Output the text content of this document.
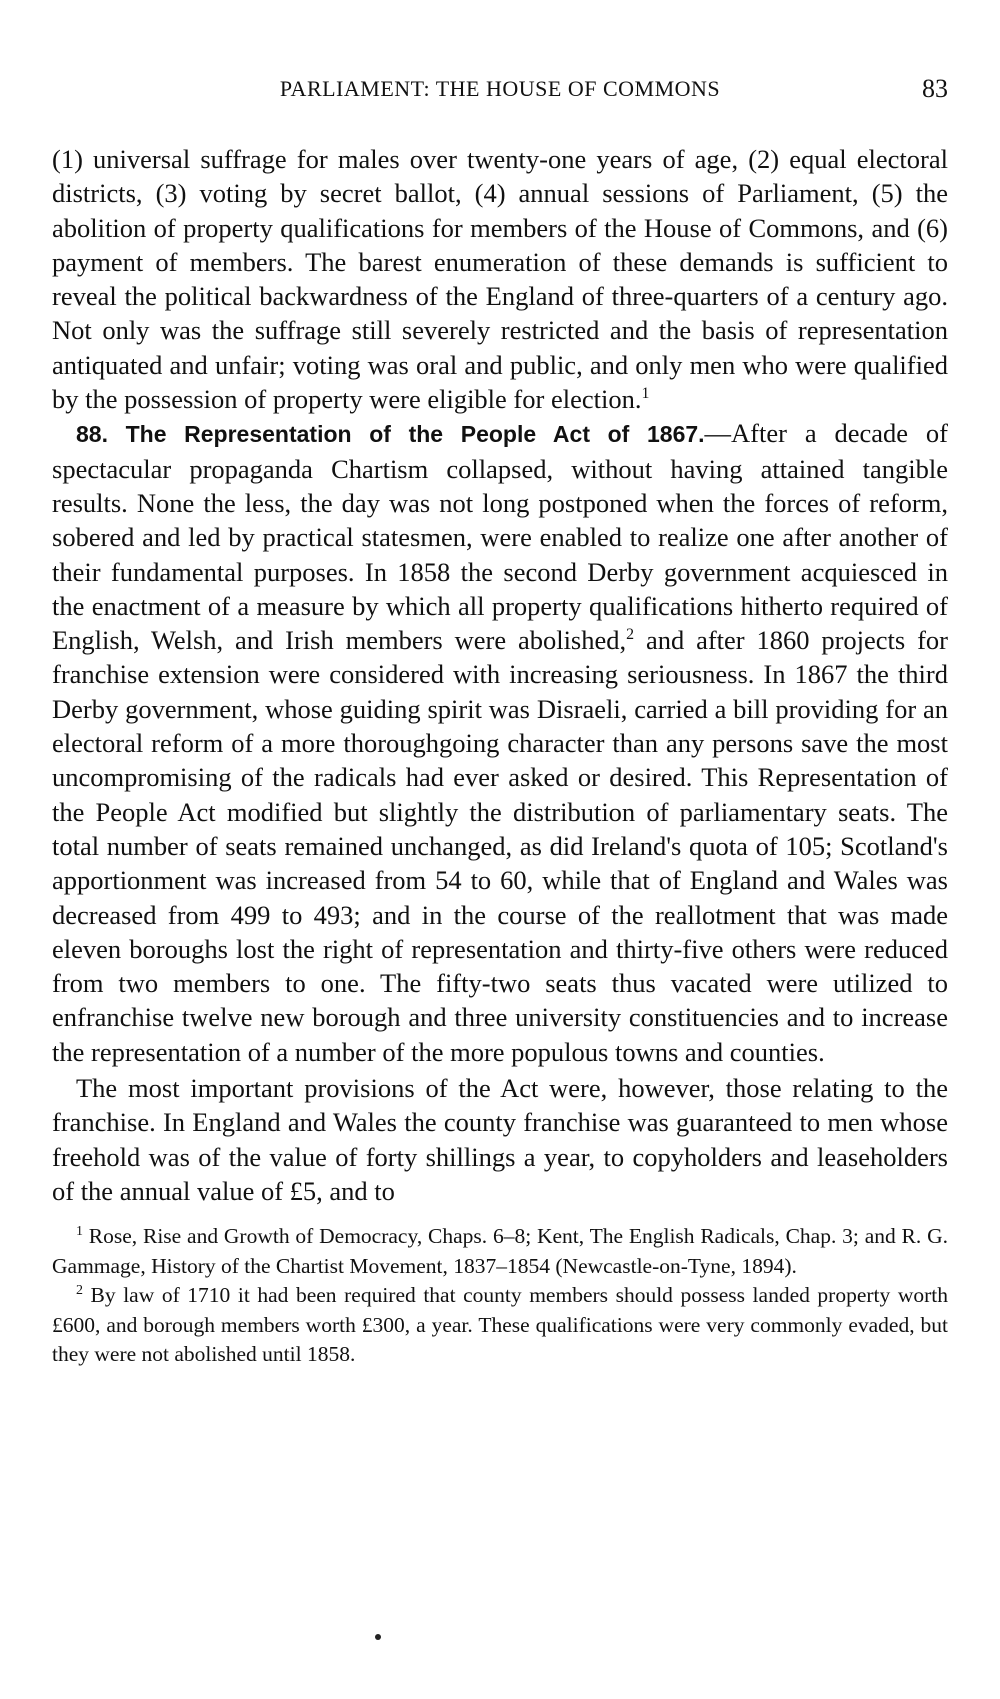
PARLIAMENT: THE HOUSE OF COMMONS	83

(1) universal suffrage for males over twenty-one years of age, (2) equal electoral districts, (3) voting by secret ballot, (4) annual sessions of Parliament, (5) the abolition of property qualifications for members of the House of Commons, and (6) payment of members. The barest enumeration of these demands is sufficient to reveal the political backwardness of the England of three-quarters of a century ago. Not only was the suffrage still severely restricted and the basis of representation antiquated and unfair; voting was oral and public, and only men who were qualified by the possession of property were eligible for election.$^1$

88. The Representation of the People Act of 1867.—After a decade of spectacular propaganda Chartism collapsed, without having attained tangible results. None the less, the day was not long postponed when the forces of reform, sobered and led by practical statesmen, were enabled to realize one after another of their fundamental purposes. In 1858 the second Derby government acquiesced in the enactment of a measure by which all property qualifications hitherto required of English, Welsh, and Irish members were abolished,$^2$ and after 1860 projects for franchise extension were considered with increasing seriousness. In 1867 the third Derby government, whose guiding spirit was Disraeli, carried a bill providing for an electoral reform of a more thoroughgoing character than any persons save the most uncompromising of the radicals had ever asked or desired. This Representation of the People Act modified but slightly the distribution of parliamentary seats. The total number of seats remained unchanged, as did Ireland's quota of 105; Scotland's apportionment was increased from 54 to 60, while that of England and Wales was decreased from 499 to 493; and in the course of the reallotment that was made eleven boroughs lost the right of representation and thirty-five others were reduced from two members to one. The fifty-two seats thus vacated were utilized to enfranchise twelve new borough and three university constituencies and to increase the representation of a number of the more populous towns and counties.

The most important provisions of the Act were, however, those relating to the franchise. In England and Wales the county franchise was guaranteed to men whose freehold was of the value of forty shillings a year, to copyholders and leaseholders of the annual value of £5, and to

$^1$ Rose, Rise and Growth of Democracy, Chaps. 6–8; Kent, The English Radicals, Chap. 3; and R. G. Gammage, History of the Chartist Movement, 1837–1854 (Newcastle-on-Tyne, 1894).

$^2$ By law of 1710 it had been required that county members should possess landed property worth £600, and borough members worth £300, a year. These qualifications were very commonly evaded, but they were not abolished until 1858.
